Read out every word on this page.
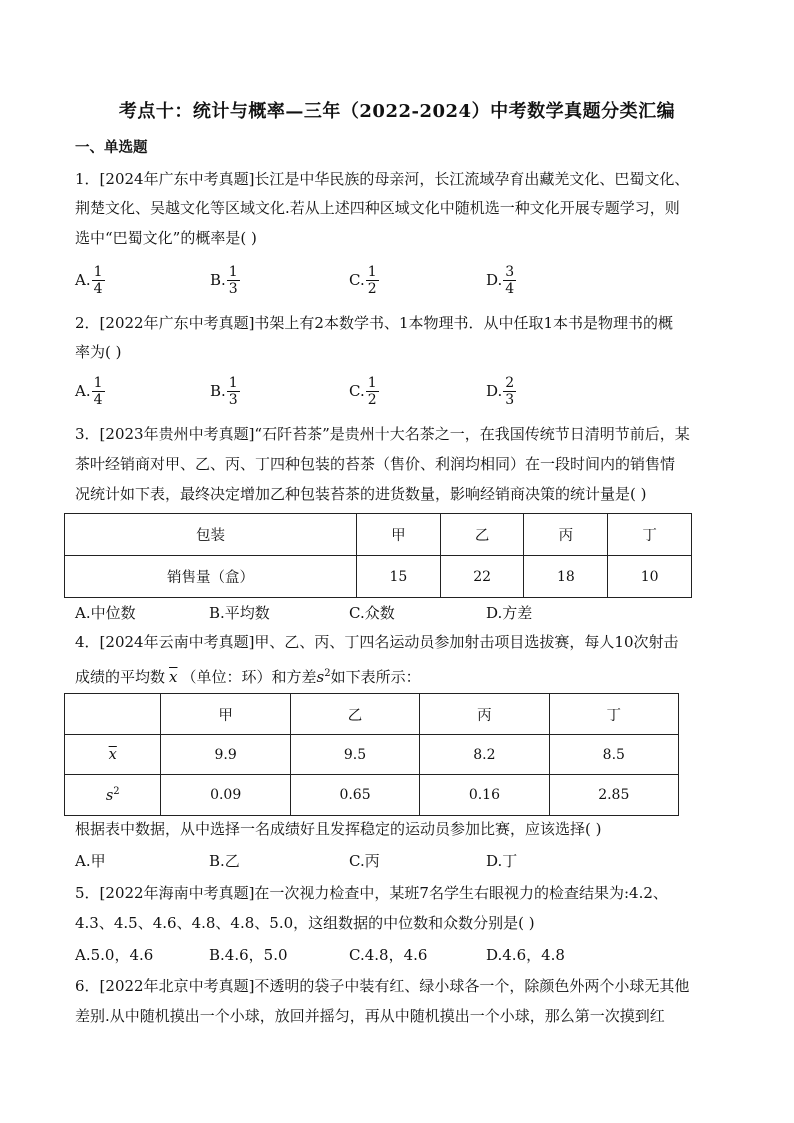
考点十：统计与概率—三年（2022-2024）中考数学真题分类汇编
一、单选题
1．[2024年广东中考真题]长江是中华民族的母亲河，长江流域孕育出藏羌文化、巴蜀文化、
荆楚文化、吴越文化等区域文化.若从上述四种区域文化中随机选一种文化开展专题学习，则
选中“巴蜀文化”的概率是( )
A. $\frac{1}{4}$	B. $\frac{1}{3}$	C. $\frac{1}{2}$	D. $\frac{3}{4}$
2．[2022年广东中考真题]书架上有2本数学书、1本物理书．从中任取1本书是物理书的概
率为( )
A. $\frac{1}{4}$	B. $\frac{1}{3}$	C. $\frac{1}{2}$	D. $\frac{2}{3}$
3．[2023年贵州中考真题]“石阡苔茶”是贵州十大名茶之一，在我国传统节日清明节前后，某
茶叶经销商对甲、乙、丙、丁四种包装的苔茶（售价、利润均相同）在一段时间内的销售情
况统计如下表，最终决定增加乙种包装苔茶的进货数量，影响经销商决策的统计量是( )
包装	甲	乙	丙	丁
销售量（盒）	15	22	18	10
A.中位数	B.平均数	C.众数	D.方差
4．[2024年云南中考真题]甲、乙、丙、丁四名运动员参加射击项目选拔赛，每人10次射击
成绩的平均数 $\overline{x}$ （单位：环）和方差$s^2$如下表所示：
	甲	乙	丙	丁
$\overline{x}$	9.9	9.5	8.2	8.5
$s^2$	0.09	0.65	0.16	2.85
根据表中数据，从中选择一名成绩好且发挥稳定的运动员参加比赛，应该选择( )
A.甲	B.乙	C.丙	D.丁
5．[2022年海南中考真题]在一次视力检查中，某班7名学生右眼视力的检查结果为:4.2、
4.3、4.5、4.6、4.8、4.8、5.0，这组数据的中位数和众数分别是( )
A.5.0，4.6	B.4.6，5.0	C.4.8，4.6	D.4.6，4.8
6．[2022年北京中考真题]不透明的袋子中装有红、绿小球各一个，除颜色外两个小球无其他
差别.从中随机摸出一个小球，放回并摇匀，再从中随机摸出一个小球，那么第一次摸到红
